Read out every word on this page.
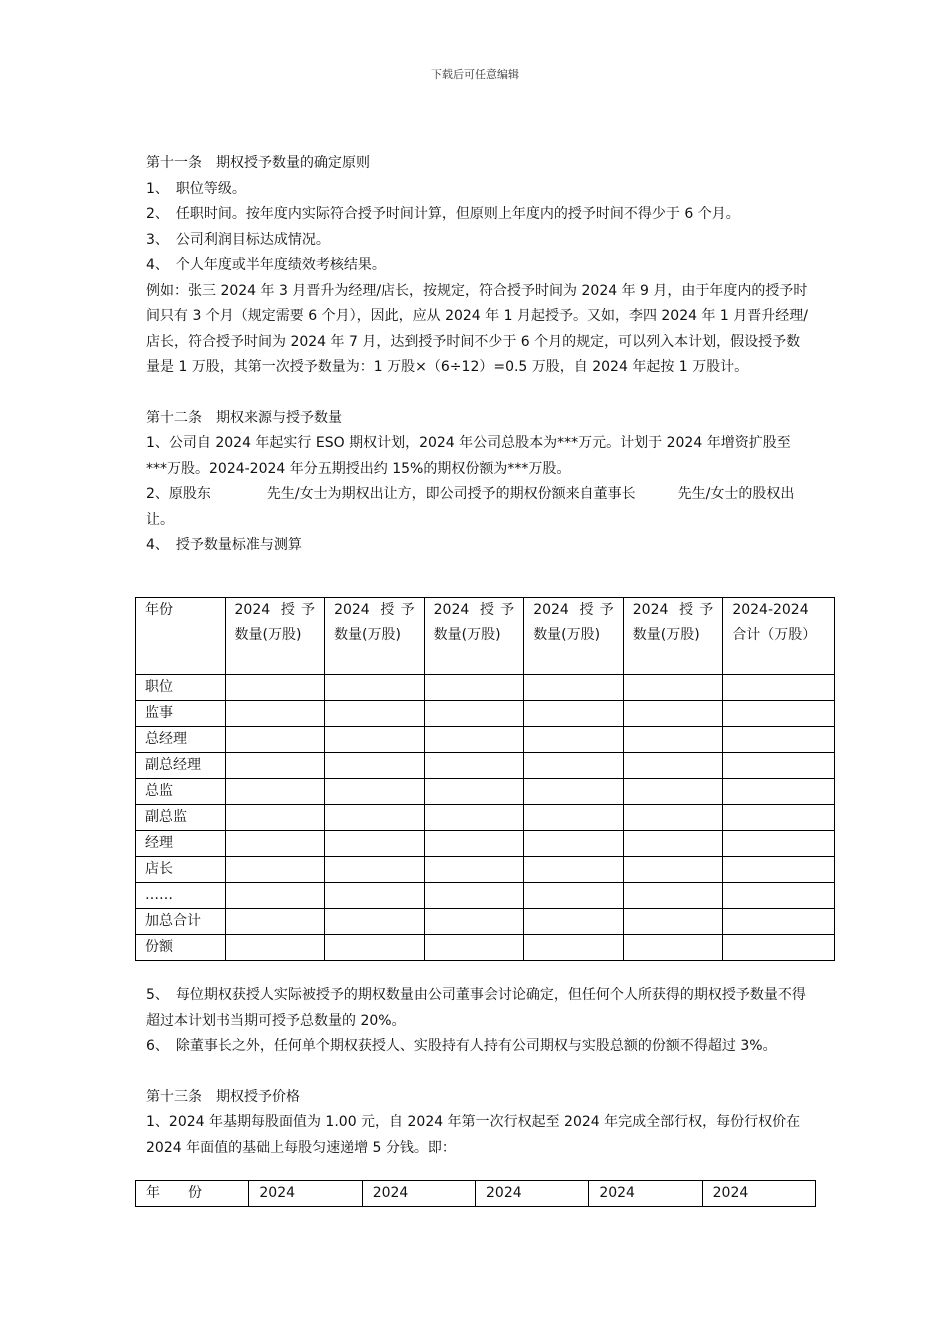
下载后可任意编辑

第十一条　期权授予数量的确定原则

1、　职位等级。

2、　任职时间。按年度内实际符合授予时间计算，但原则上年度内的授予时间不得少于 6 个月。

3、　公司利润目标达成情况。

4、　个人年度或半年度绩效考核结果。

例如：张三 2024 年 3 月晋升为经理/店长，按规定，符合授予时间为 2024 年 9 月，由于年度内的授予时间只有 3 个月（规定需要 6 个月），因此，应从 2024 年 1 月起授予。又如，李四 2024 年 1 月晋升经理/店长，符合授予时间为 2024 年 7 月，达到授予时间不少于 6 个月的规定，可以列入本计划，假设授予数量是 1 万股，其第一次授予数量为：1 万股×（6÷12）=0.5 万股，自 2024 年起按 1 万股计。

第十二条　期权来源与授予数量

1、公司自 2024 年起实行 ESO 期权计划，2024 年公司总股本为***万元。计划于 2024 年增资扩股至***万股。2024-2024 年分五期授出约 15%的期权份额为***万股。

2、原股东　　　　先生/女士为期权出让方，即公司授予的期权份额来自董事长　　　先生/女士的股权出让。

4、　授予数量标准与测算

年份	2024 授予数量(万股)	2024 授予数量(万股)	2024 授予数量(万股)	2024 授予数量(万股)	2024 授予数量(万股)	2024-2024 合计（万股）
职位						
监事						
总经理						
副总经理						
总监						
副总监						
经理						
店长						
……						
加总合计						
份额						

5、　每位期权获授人实际被授予的期权数量由公司董事会讨论确定，但任何个人所获得的期权授予数量不得超过本计划书当期可授予总数量的 20%。

6、　除董事长之外，任何单个期权获授人、实股持有人持有公司期权与实股总额的份额不得超过 3%。

第十三条　期权授予价格

1、2024 年基期每股面值为 1.00 元，自 2024 年第一次行权起至 2024 年完成全部行权，每份行权价在 2024 年面值的基础上每股匀速递增 5 分钱。即：

年　　份	2024	2024	2024	2024	2024
